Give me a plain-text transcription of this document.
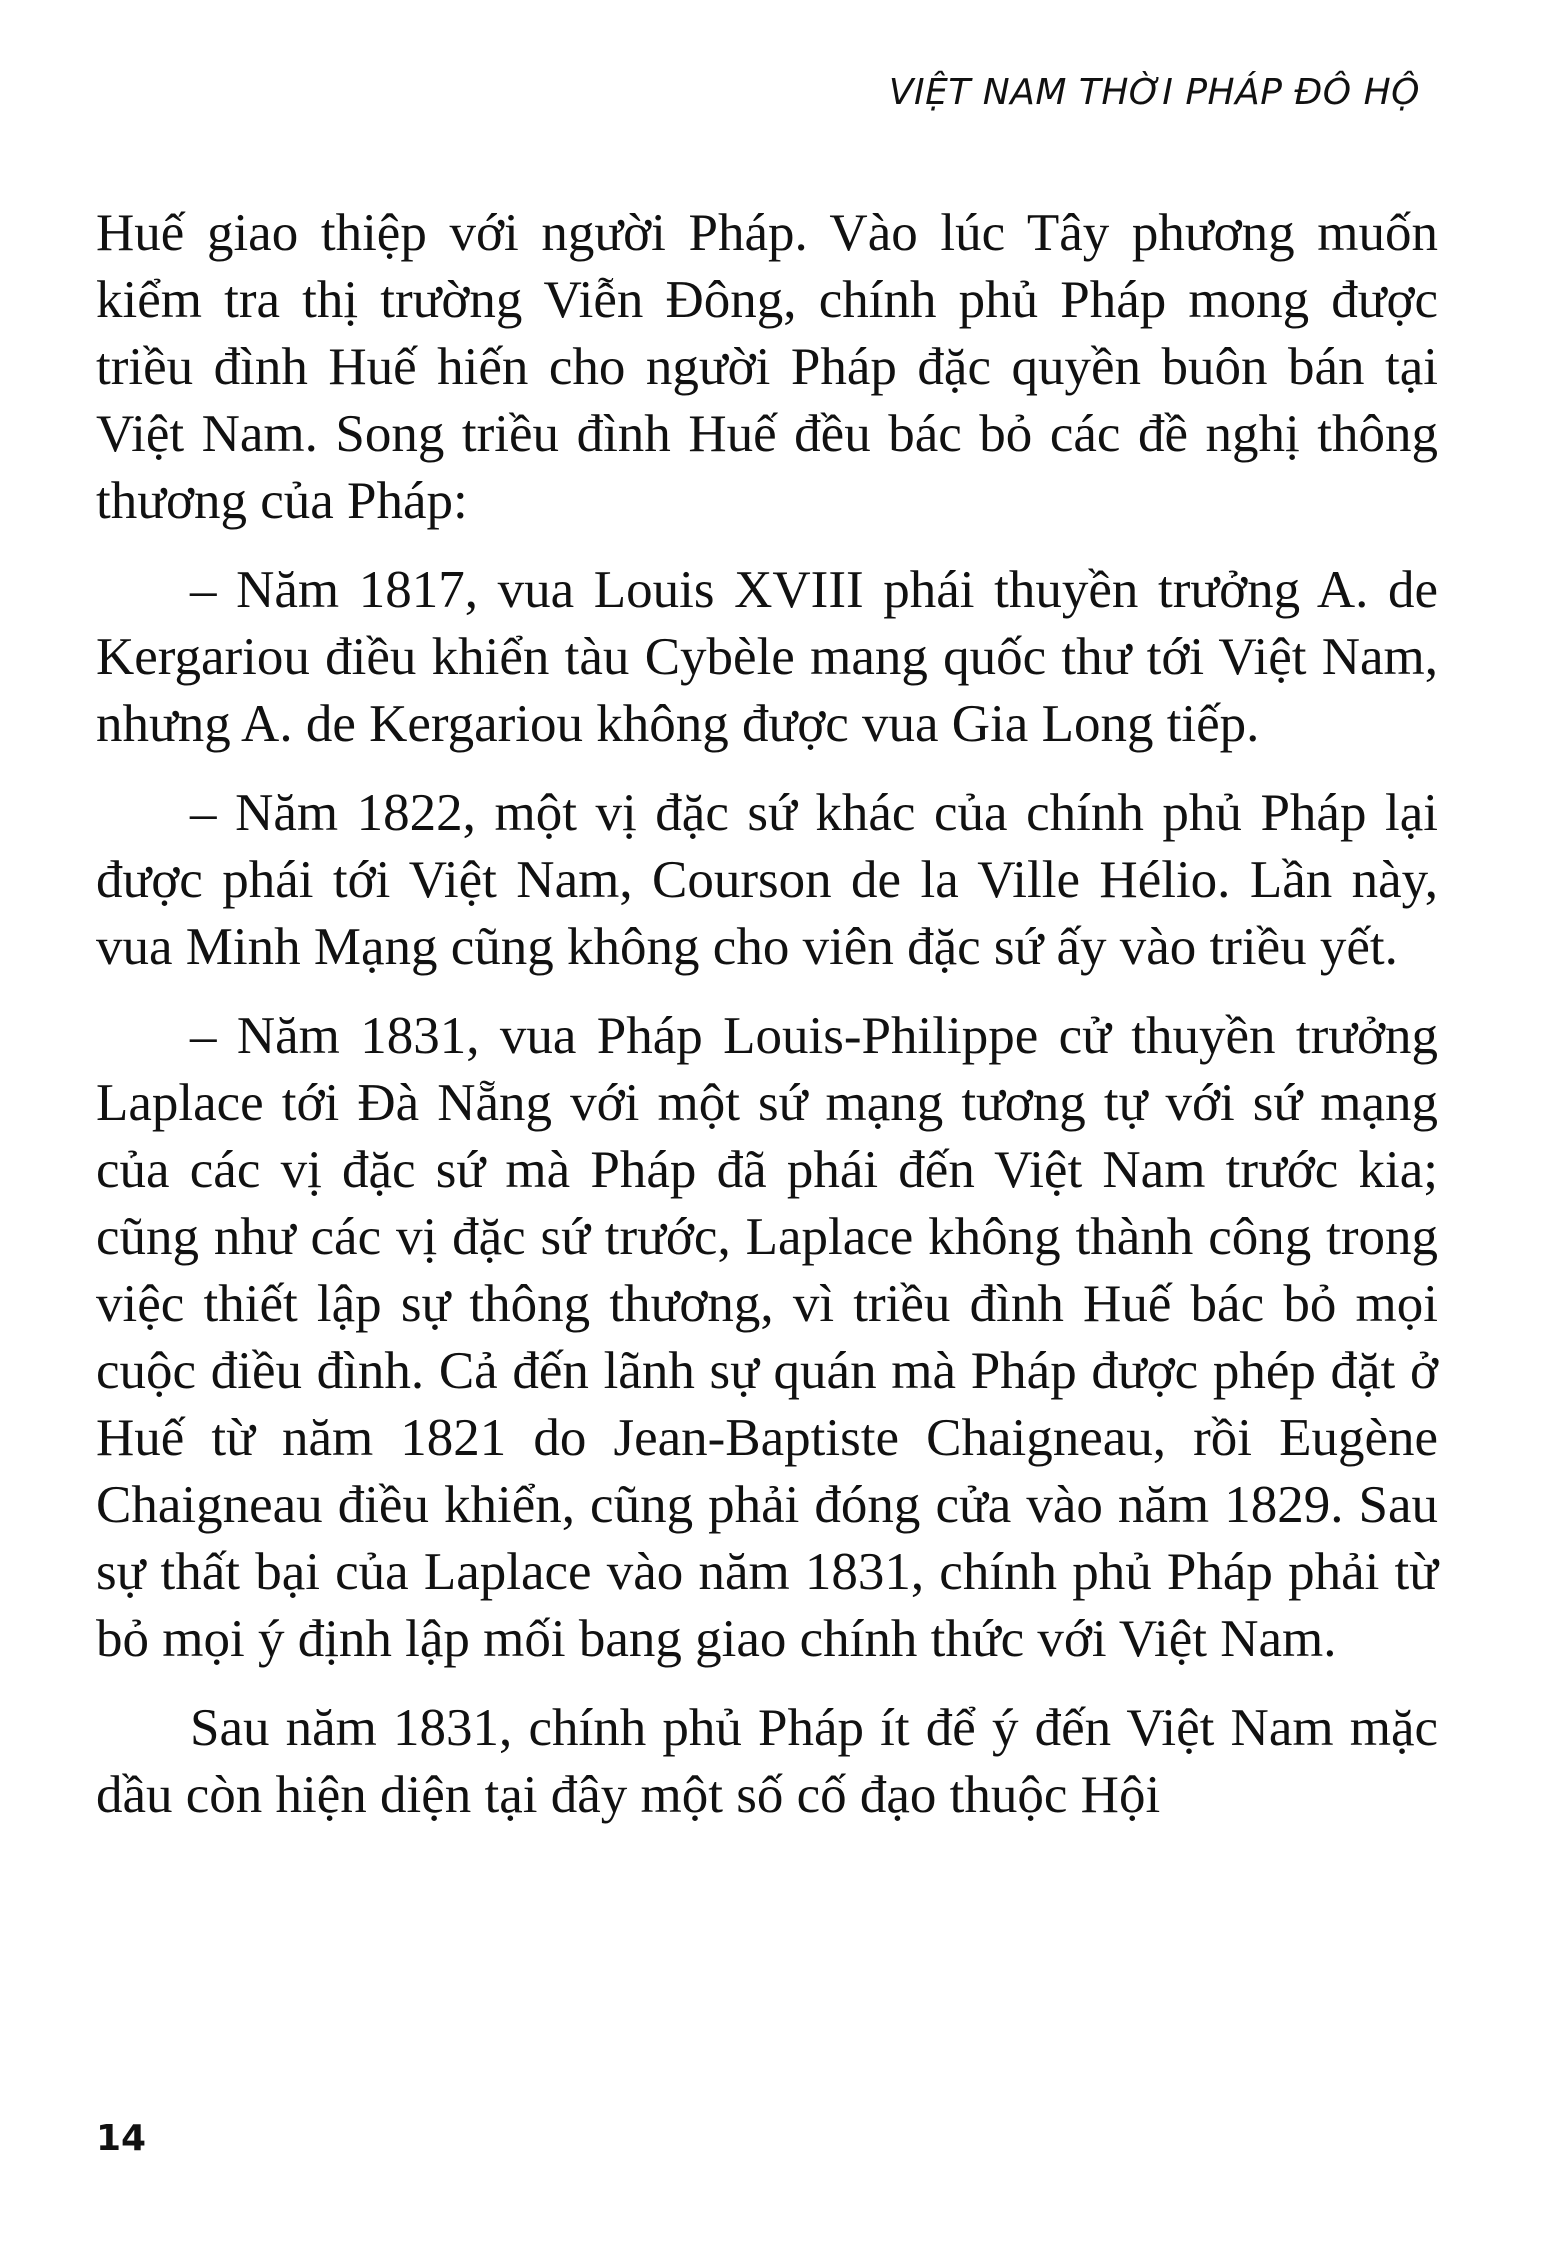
VIỆT NAM THỜI PHÁP ĐÔ HỘ

Huế giao thiệp với người Pháp. Vào lúc Tây phương muốn kiểm tra thị trường Viễn Đông, chính phủ Pháp mong được triều đình Huế hiến cho người Pháp đặc quyền buôn bán tại Việt Nam. Song triều đình Huế đều bác bỏ các đề nghị thông thương của Pháp:

– Năm 1817, vua Louis XVIII phái thuyền trưởng A. de Kergariou điều khiển tàu Cybèle mang quốc thư tới Việt Nam, nhưng A. de Kergariou không được vua Gia Long tiếp.

– Năm 1822, một vị đặc sứ khác của chính phủ Pháp lại được phái tới Việt Nam, Courson de la Ville Hélio. Lần này, vua Minh Mạng cũng không cho viên đặc sứ ấy vào triều yết.

– Năm 1831, vua Pháp Louis-Philippe cử thuyền trưởng Laplace tới Đà Nẵng với một sứ mạng tương tự với sứ mạng của các vị đặc sứ mà Pháp đã phái đến Việt Nam trước kia; cũng như các vị đặc sứ trước, Laplace không thành công trong việc thiết lập sự thông thương, vì triều đình Huế bác bỏ mọi cuộc điều đình. Cả đến lãnh sự quán mà Pháp được phép đặt ở Huế từ năm 1821 do Jean-Baptiste Chaigneau, rồi Eugène Chaigneau điều khiển, cũng phải đóng cửa vào năm 1829. Sau sự thất bại của Laplace vào năm 1831, chính phủ Pháp phải từ bỏ mọi ý định lập mối bang giao chính thức với Việt Nam.

Sau năm 1831, chính phủ Pháp ít để ý đến Việt Nam mặc dầu còn hiện diện tại đây một số cố đạo thuộc Hội

14
